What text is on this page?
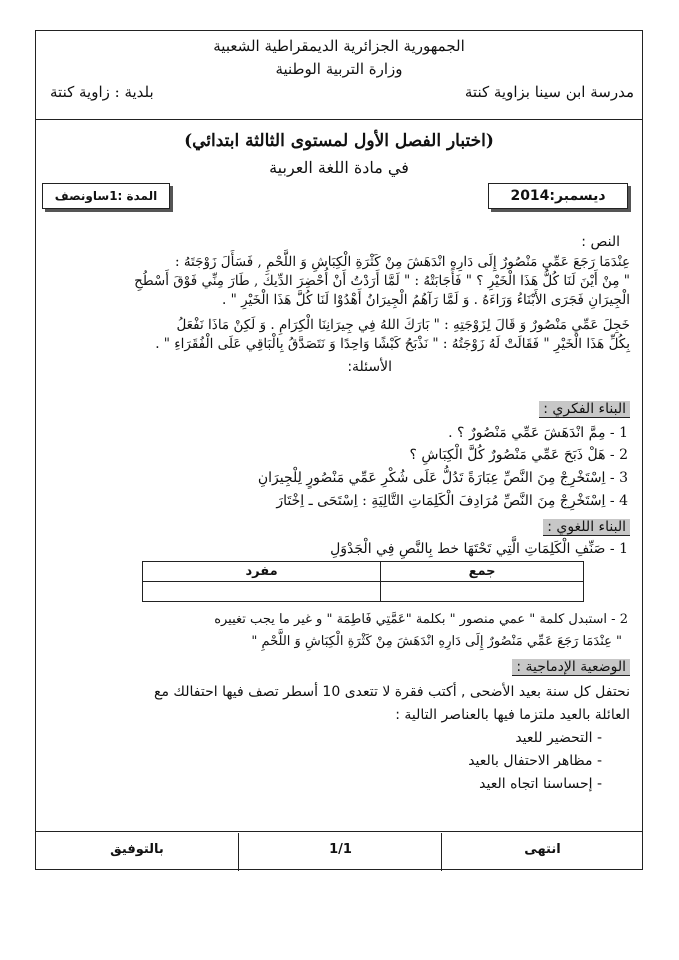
الجمهورية الجزائرية الديمقراطية الشعبية
وزارة التربية الوطنية
مدرسة ابن سينا بزاوية كنتة
بلدية : زاوية كنتة
(اختبار الفصل الأول لمستوى الثالثة ابتدائي)
في مادة اللغة العربية
ديسمبر:2014
المدة :1ساونصف
النص :
عِنْدَمَا رَجَعَ عَمِّي مَنْصُورٌ إِلَى دَارِهِ انْدَهَشَ مِنْ كَثْرَةِ الْكِبَاشِ وَ اللَّحْمِ , فَسَأَلَ زَوْجَتَهُ :
" مِنْ أَيْنَ لَنَا كُلُّ هَذَا الْخَيْرِ ؟ " فَأَجَابَتْهُ : " لَمَّا أَرَدْتُ أَنْ أُحْضِرَ الدِّيكَ , طَارَ مِنِّي فَوْقَ أَسْطُحِ
الْجِيرَانِ فَجَرَى الأَبْنَاءُ وَرَاءَهُ . وَ لَمَّا رَآهُمُ الْجِيرَانُ أَهْدُوْا لَنَا كُلَّ هَذَا الْخَيْرِ " .
خَجِلَ عَمِّي مَنْصُورٌ وَ قَالَ لِزَوْجَتِهِ : " بَارَكَ اللهُ فِي جِيرَانِنَا الْكِرَامِ . وَ لَكِنْ مَاذَا نَفْعَلُ
بِكُلِّ هَذَا الْخَيْرِ " فَقَالَتْ لَهُ زَوْجَتُهُ : " نَذْبَحُ كَبْشًا وَاحِدًا وَ نَتَصَدَّقُ بِالْبَاقِي عَلَى الْفُقَرَاءِ " .
الأسئلة:
البناء الفكري :
1 - مِمَّ انْدَهَشَ عَمِّي مَنْصُورٌ ؟ .
2 - هَلْ ذَبَحَ عَمِّي مَنْصُورٌ كُلَّ الْكِبَاشِ ؟
3 - اِسْتَخْرِجْ مِنَ النَّصِّ عِبَارَةً تَدُلُّ عَلَى شُكْرِ عَمِّي مَنْصُورٍ لِلْجِيرَانِ
4 - اِسْتَخْرِجْ مِنَ النَّصِّ مُرَادِفَ الْكَلِمَاتِ التَّالِيَةِ : اِسْتَحَى ـ اِخْتَارَ
البناء اللغوي :
1 - صَنِّفِ الْكَلِمَاتِ الَّتِي تَحْتَهَا خط بِالنَّصِ فِي الْجَدْوَلِ
مفرد	جمع

2 - استبدل كلمة " عمي منصور " بكلمة "عَمَّتِي فَاطِمَة " و غير ما يجب تغييره
" عِنْدَمَا رَجَعَ عَمِّي مَنْصُورٌ إِلَى دَارِهِ انْدَهَشَ مِنْ كَثْرَةِ الْكِبَاشِ وَ اللَّحْمِ "
الوضعية الإدماجية :
نحتفل كل سنة بعيد الأضحى , أكتب فقرة لا تتعدى 10 أسطر تصف فيها احتفالك مع
العائلة بالعيد ملتزما فيها بالعناصر التالية :
- التحضير للعيد
- مظاهر الاحتفال بالعيد
- إحساسنا اتجاه العيد
انتهى
1/1
بالتوفيق
